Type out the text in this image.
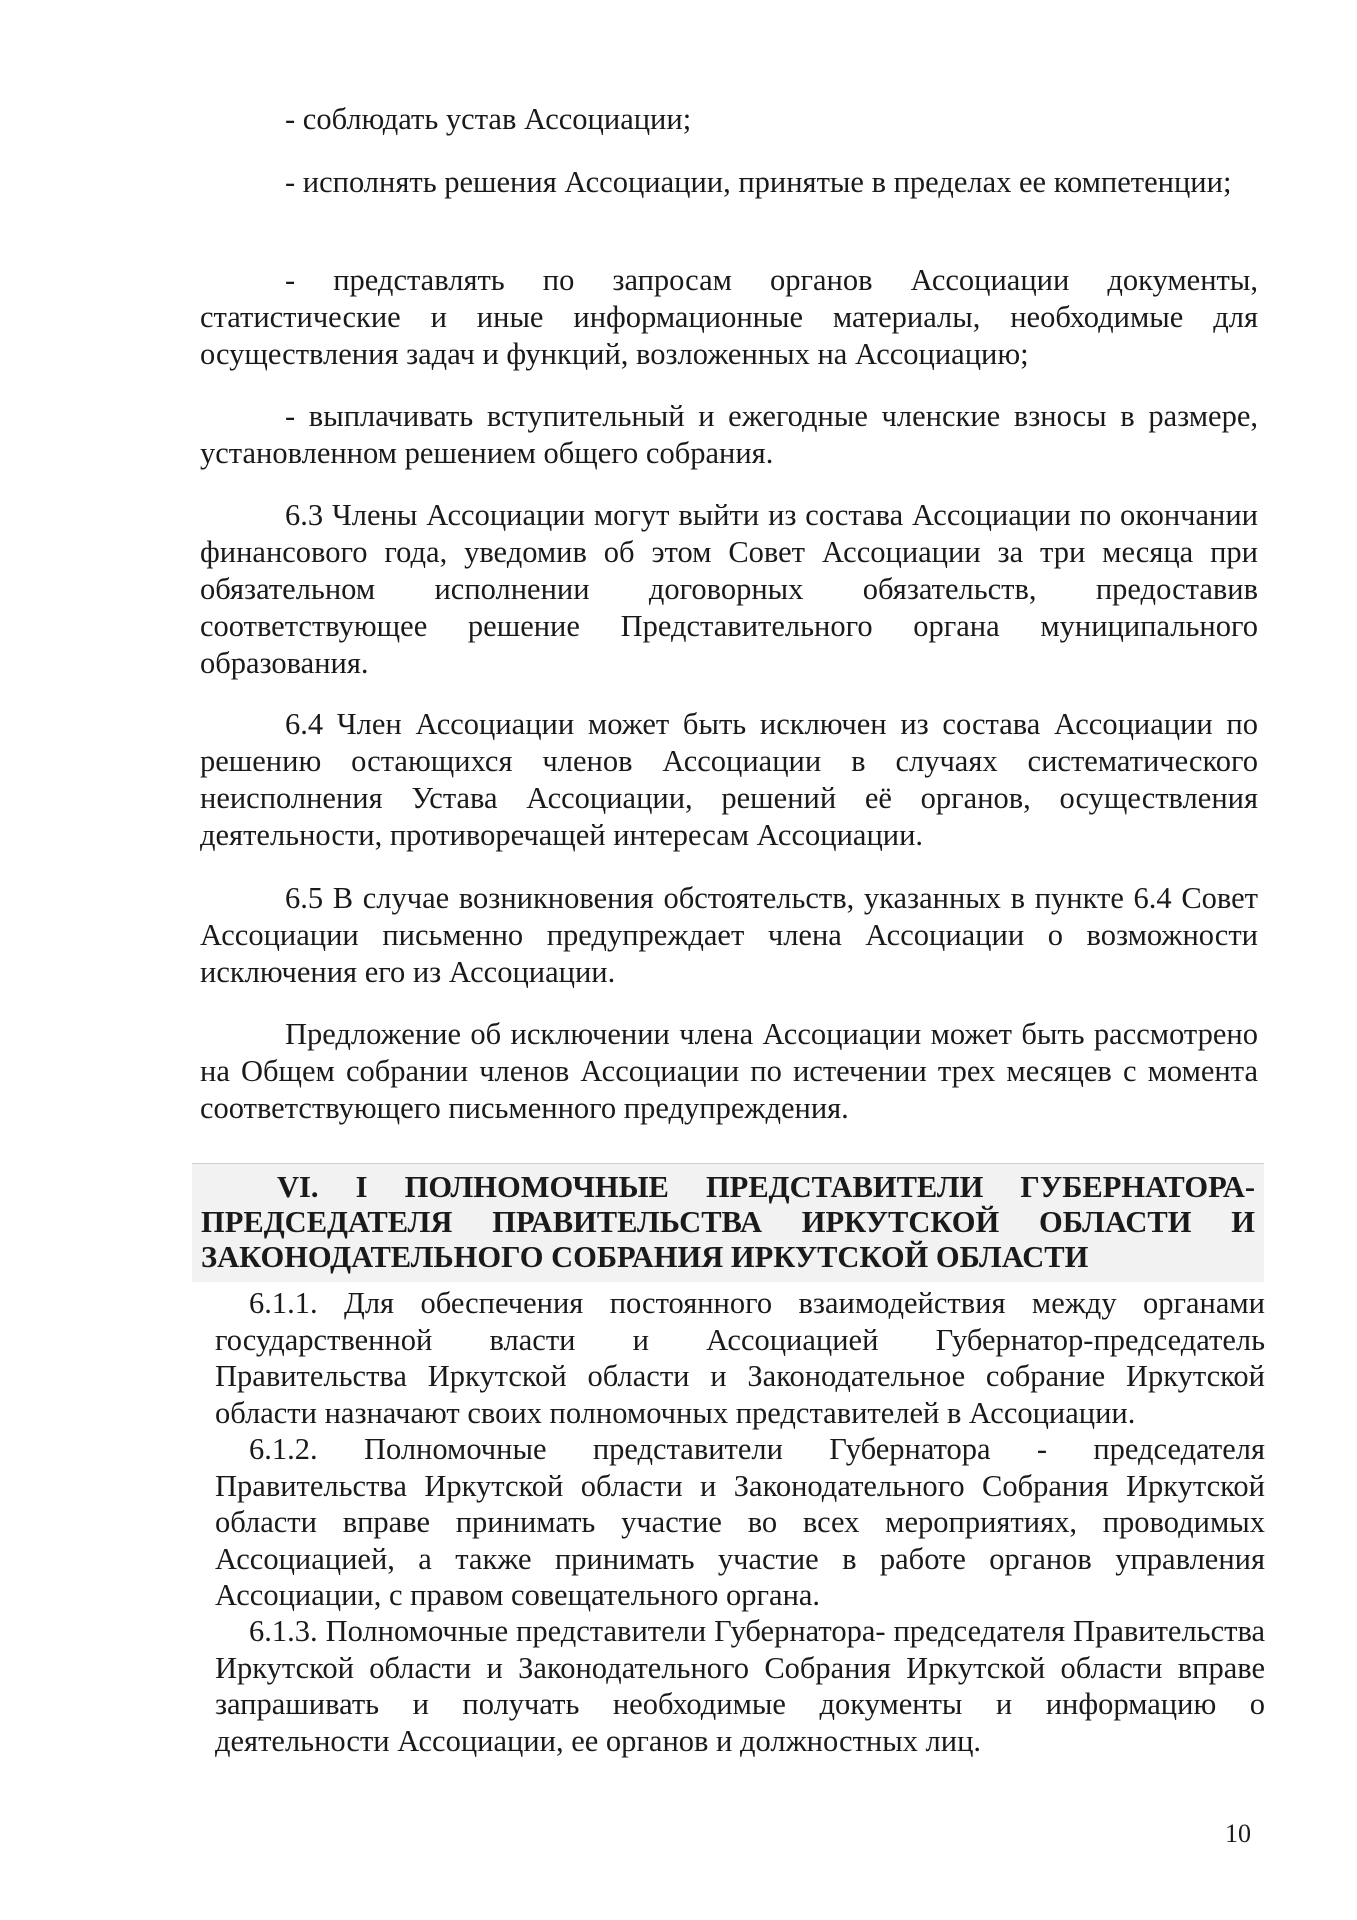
- соблюдать устав Ассоциации;

- исполнять решения Ассоциации, принятые в пределах ее компетенции;

- представлять по запросам органов Ассоциации документы, статистические и иные информационные материалы, необходимые для осуществления задач и функций, возложенных на Ассоциацию;

- выплачивать вступительный и ежегодные членские взносы в размере, установленном решением общего собрания.

6.3 Члены Ассоциации могут выйти из состава Ассоциации по окончании финансового года, уведомив об этом Совет Ассоциации за три месяца при обязательном исполнении договорных обязательств, предоставив соответствующее решение Представительного органа муниципального образования.

6.4 Член Ассоциации может быть исключен из состава Ассоциации по решению остающихся членов Ассоциации в случаях систематического неисполнения Устава Ассоциации, решений её органов, осуществления деятельности, противоречащей интересам Ассоциации.

6.5 В случае возникновения обстоятельств, указанных в пункте 6.4 Совет Ассоциации письменно предупреждает члена Ассоциации о возможности исключения его из Ассоциации.

Предложение об исключении члена Ассоциации может быть рассмотрено на Общем собрании членов Ассоциации по истечении трех месяцев с момента соответствующего письменного предупреждения.

VI. I ПОЛНОМОЧНЫЕ ПРЕДСТАВИТЕЛИ ГУБЕРНАТОРА-ПРЕДСЕДАТЕЛЯ ПРАВИТЕЛЬСТВА ИРКУТСКОЙ ОБЛАСТИ И ЗАКОНОДАТЕЛЬНОГО СОБРАНИЯ ИРКУТСКОЙ ОБЛАСТИ

6.1.1. Для обеспечения постоянного взаимодействия между органами государственной власти и Ассоциацией Губернатор-председатель Правительства Иркутской области и Законодательное собрание Иркутской области назначают своих полномочных представителей в Ассоциации.

6.1.2. Полномочные представители Губернатора - председателя Правительства Иркутской области и Законодательного Собрания Иркутской области вправе принимать участие во всех мероприятиях, проводимых Ассоциацией, а также принимать участие в работе органов управления Ассоциации, с правом совещательного органа.

6.1.3. Полномочные представители Губернатора- председателя Правительства Иркутской области и Законодательного Собрания Иркутской области вправе запрашивать и получать необходимые документы и информацию о деятельности Ассоциации, ее органов и должностных лиц.

10
